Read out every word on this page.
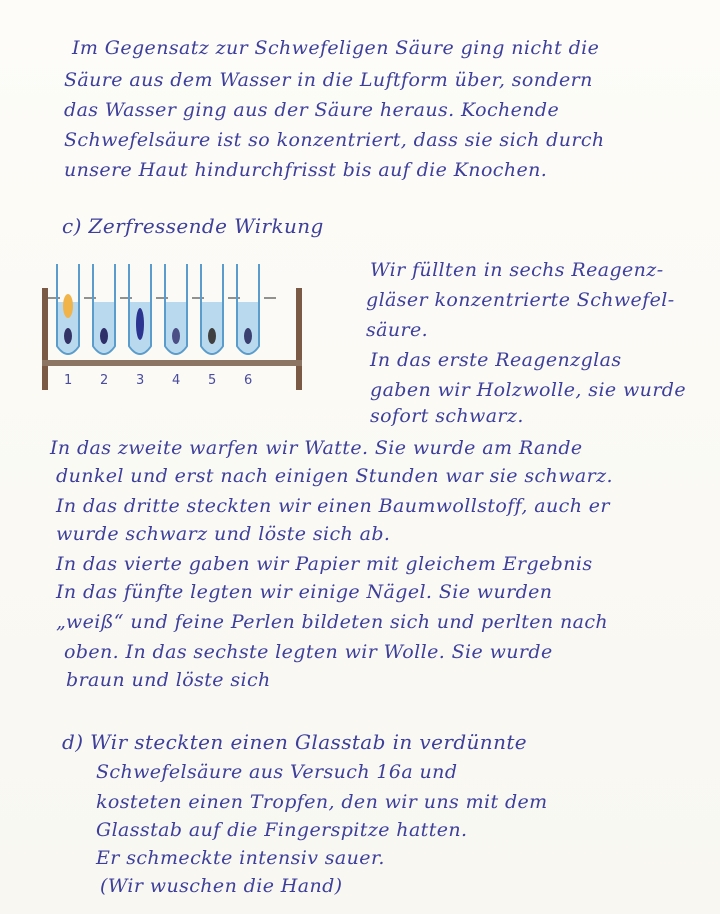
Im Gegensatz zur Schwefeligen Säure ging nicht die
Säure aus dem Wasser in die Luftform über, sondern
das Wasser ging aus der Säure heraus. Kochende
Schwefelsäure ist so konzentriert, dass sie sich durch
unsere Haut hindurchfrisst bis auf die Knochen.
c) Zerfressende Wirkung
1 2 3 4 5 6
Wir füllten in sechs Reagenz-
gläser konzentrierte Schwefel-
säure.
In das erste Reagenzglas
gaben wir Holzwolle, sie wurde
sofort schwarz.
In das zweite warfen wir Watte. Sie wurde am Rande
dunkel und erst nach einigen Stunden war sie schwarz.
In das dritte steckten wir einen Baumwollstoff, auch er
wurde schwarz und löste sich ab.
In das vierte gaben wir Papier mit gleichem Ergebnis
In das fünfte legten wir einige Nägel. Sie wurden
„weiß“ und feine Perlen bildeten sich und perlten nach
oben. In das sechste legten wir Wolle. Sie wurde
braun und löste sich
d) Wir steckten einen Glasstab in verdünnte
Schwefelsäure aus Versuch 16a und
kosteten einen Tropfen, den wir uns mit dem
Glasstab auf die Fingerspitze hatten.
Er schmeckte intensiv sauer.
(Wir wuschen die Hand)
